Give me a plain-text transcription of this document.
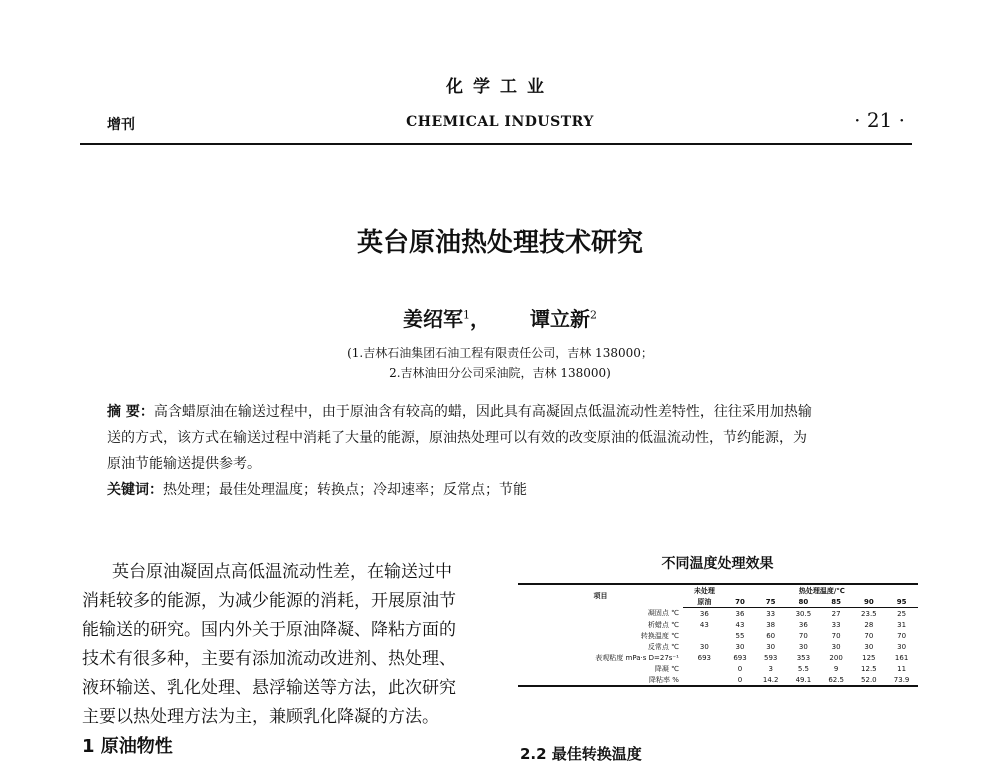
化学工业
增刊	CHEMICAL INDUSTRY	· 21 ·
英台原油热处理技术研究
姜绍军$^1$， 谭立新$^2$
(1.吉林石油集团石油工程有限责任公司，吉林 138000；
2.吉林油田分公司采油院，吉林 138000)
摘 要：高含蜡原油在输送过程中，由于原油含有较高的蜡，因此具有高凝固点低温流动性差特性，往往采用加热输
送的方式，该方式在输送过程中消耗了大量的能源，原油热处理可以有效的改变原油的低温流动性，节约能源，为
原油节能输送提供参考。
关键词：热处理；最佳处理温度；转换点；冷却速率；反常点；节能
英台原油凝固点高低温流动性差，在输送过中
消耗较多的能源，为减少能源的消耗，开展原油节
能输送的研究。国内外关于原油降凝、降粘方面的
技术有很多种，主要有添加流动改进剂、热处理、
液环输送、乳化处理、悬浮输送等方法，此次研究
主要以热处理方法为主，兼顾乳化降凝的方法。
1 原油物性
不同温度处理效果
项目	未处理	热处理温度/℃					
	原油	70	75	80	85	90	95
凝固点 ℃	36	36	33	30.5	27	23.5	25
析蜡点 ℃	43	43	38	36	33	28	31
转换温度 ℃		55	60	70	70	70	70
反常点 ℃	30	30	30	30	30	30	30
表观粘度 mPa·s D=27s⁻¹	693	693	593	353	200	125	161
降凝 ℃		0	3	5.5	9	12.5	11
降粘率 %		0	14.2	49.1	62.5	52.0	73.9
2.2 最佳转换温度
